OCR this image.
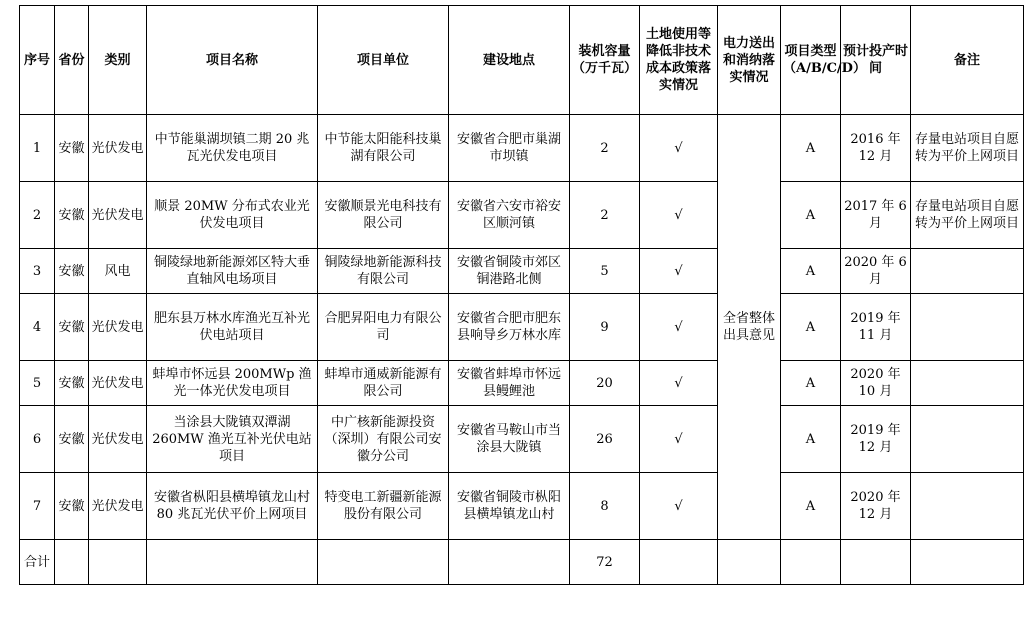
序号	省份	类别	项目名称	项目单位	建设地点	装机容量（万千瓦）	土地使用等降低非技术成本政策落实情况	电力送出和消纳落实情况	项目类型（A/B/C/D）	预计投产时间	备注
1	安徽	光伏发电	中节能巢湖坝镇二期 20 兆瓦光伏发电项目	中节能太阳能科技巢湖有限公司	安徽省合肥市巢湖市坝镇	2	√	全省整体出具意见	A	2016 年 12 月	存量电站项目自愿转为平价上网项目
2	安徽	光伏发电	顺景 20MW 分布式农业光伏发电项目	安徽顺景光电科技有限公司	安徽省六安市裕安区顺河镇	2	√		A	2017 年 6 月	存量电站项目自愿转为平价上网项目
3	安徽	风电	铜陵绿地新能源郊区特大垂直轴风电场项目	铜陵绿地新能源科技有限公司	安徽省铜陵市郊区铜港路北侧	5	√		A	2020 年 6 月	
4	安徽	光伏发电	肥东县万林水库渔光互补光伏电站项目	合肥昇阳电力有限公司	安徽省合肥市肥东县响导乡万林水库	9	√		A	2019 年 11 月	
5	安徽	光伏发电	蚌埠市怀远县 200MWp 渔光一体光伏发电项目	蚌埠市通威新能源有限公司	安徽省蚌埠市怀远县鳗鲤池	20	√		A	2020 年 10 月	
6	安徽	光伏发电	当涂县大陇镇双潭湖 260MW 渔光互补光伏电站项目	中广核新能源投资（深圳）有限公司安徽分公司	安徽省马鞍山市当涂县大陇镇	26	√		A	2019 年 12 月	
7	安徽	光伏发电	安徽省枞阳县横埠镇龙山村 80 兆瓦光伏平价上网项目	特变电工新疆新能源股份有限公司	安徽省铜陵市枞阳县横埠镇龙山村	8	√		A	2020 年 12 月	
合计						72					
